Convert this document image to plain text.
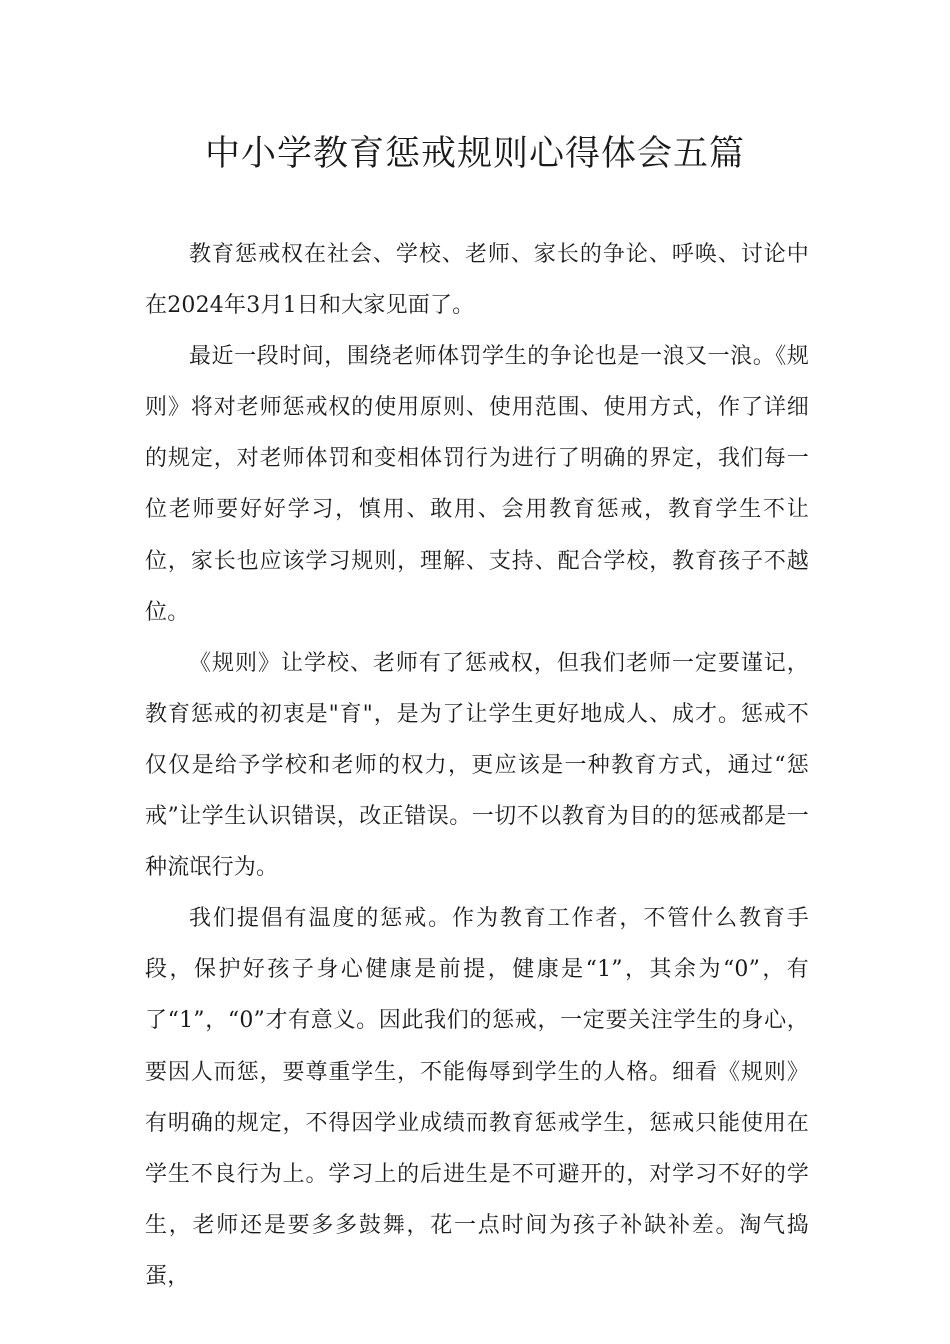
中小学教育惩戒规则心得体会五篇

教育惩戒权在社会、学校、老师、家长的争论、呼唤、讨论中在2024年3月1日和大家见面了。

最近一段时间，围绕老师体罚学生的争论也是一浪又一浪。《规则》将对老师惩戒权的使用原则、使用范围、使用方式，作了详细的规定，对老师体罚和变相体罚行为进行了明确的界定，我们每一位老师要好好学习，慎用、敢用、会用教育惩戒，教育学生不让位，家长也应该学习规则，理解、支持、配合学校，教育孩子不越位。

《规则》让学校、老师有了惩戒权，但我们老师一定要谨记，教育惩戒的初衷是"育"，是为了让学生更好地成人、成才。惩戒不仅仅是给予学校和老师的权力，更应该是一种教育方式，通过“惩戒”让学生认识错误，改正错误。一切不以教育为目的的惩戒都是一种流氓行为。

我们提倡有温度的惩戒。作为教育工作者，不管什么教育手段，保护好孩子身心健康是前提，健康是“1”，其余为“0”，有了“1”，“0”才有意义。因此我们的惩戒，一定要关注学生的身心，要因人而惩，要尊重学生，不能侮辱到学生的人格。细看《规则》有明确的规定，不得因学业成绩而教育惩戒学生，惩戒只能使用在学生不良行为上。学习上的后进生是不可避开的，对学习不好的学生，老师还是要多多鼓舞，花一点时间为孩子补缺补差。淘气捣蛋，
